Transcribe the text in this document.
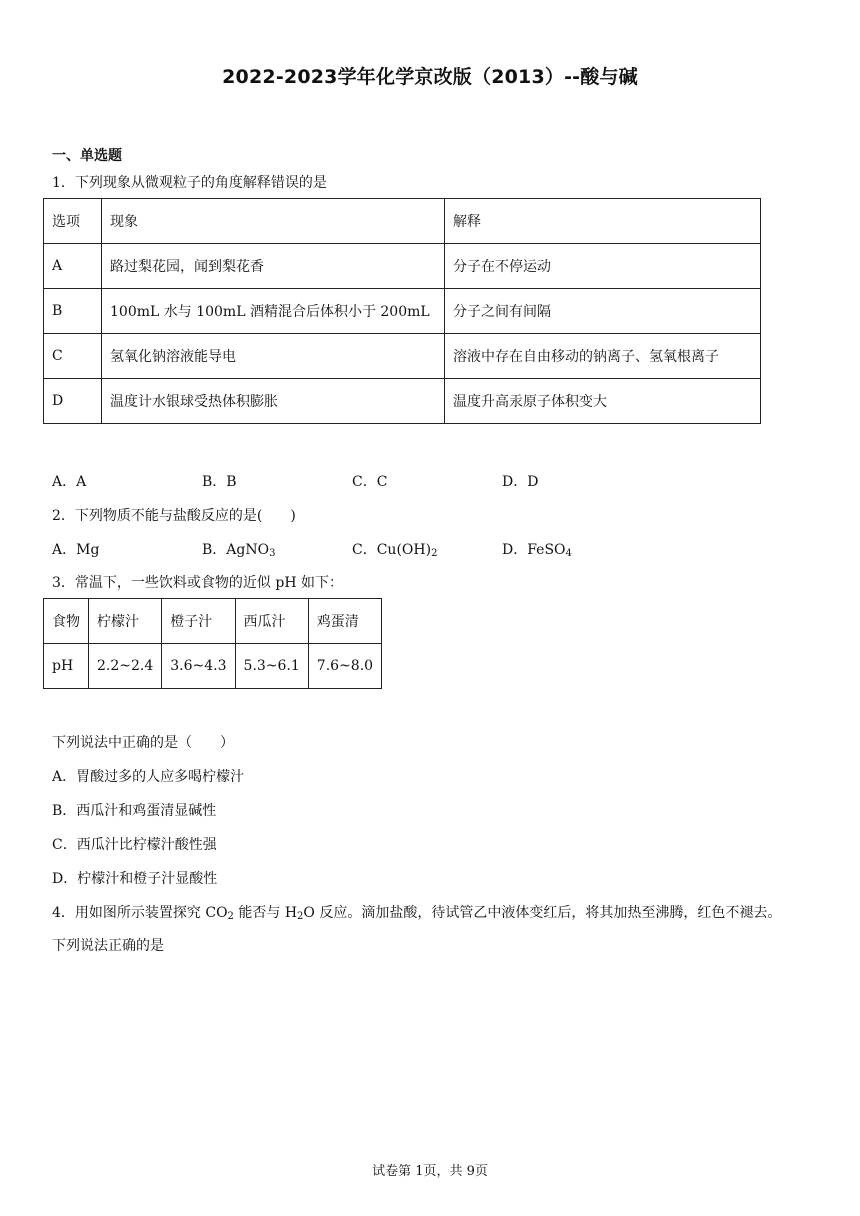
2022-2023学年化学京改版（2013）--酸与碱
一、单选题
1．下列现象从微观粒子的角度解释错误的是
选项	现象	解释
A	路过梨花园，闻到梨花香	分子在不停运动
B	100mL 水与 100mL 酒精混合后体积小于 200mL	分子之间有间隔
C	氢氧化钠溶液能导电	溶液中存在自由移动的钠离子、氢氧根离子
D	温度计水银球受热体积膨胀	温度升高汞原子体积变大
A．A	B．B	C．C	D．D
2．下列物质不能与盐酸反应的是(　　)
A．Mg	B．AgNO$_3$	C．$Cu(OH)_2$	D．FeSO$_4$
3．常温下，一些饮料或食物的近似 pH 如下：
食物	柠檬汁	橙子汁	西瓜汁	鸡蛋清
pH	2.2~2.4	3.6~4.3	5.3~6.1	7.6~8.0
下列说法中正确的是（　　）
A．胃酸过多的人应多喝柠檬汁
B．西瓜汁和鸡蛋清显碱性
C．西瓜汁比柠檬汁酸性强
D．柠檬汁和橙子汁显酸性
4．用如图所示装置探究 $CO_2$ 能否与 $H_2O$ 反应。滴加盐酸，待试管乙中液体变红后，将其加热至沸腾，红色不褪去。
下列说法正确的是
试卷第 1页，共 9页
